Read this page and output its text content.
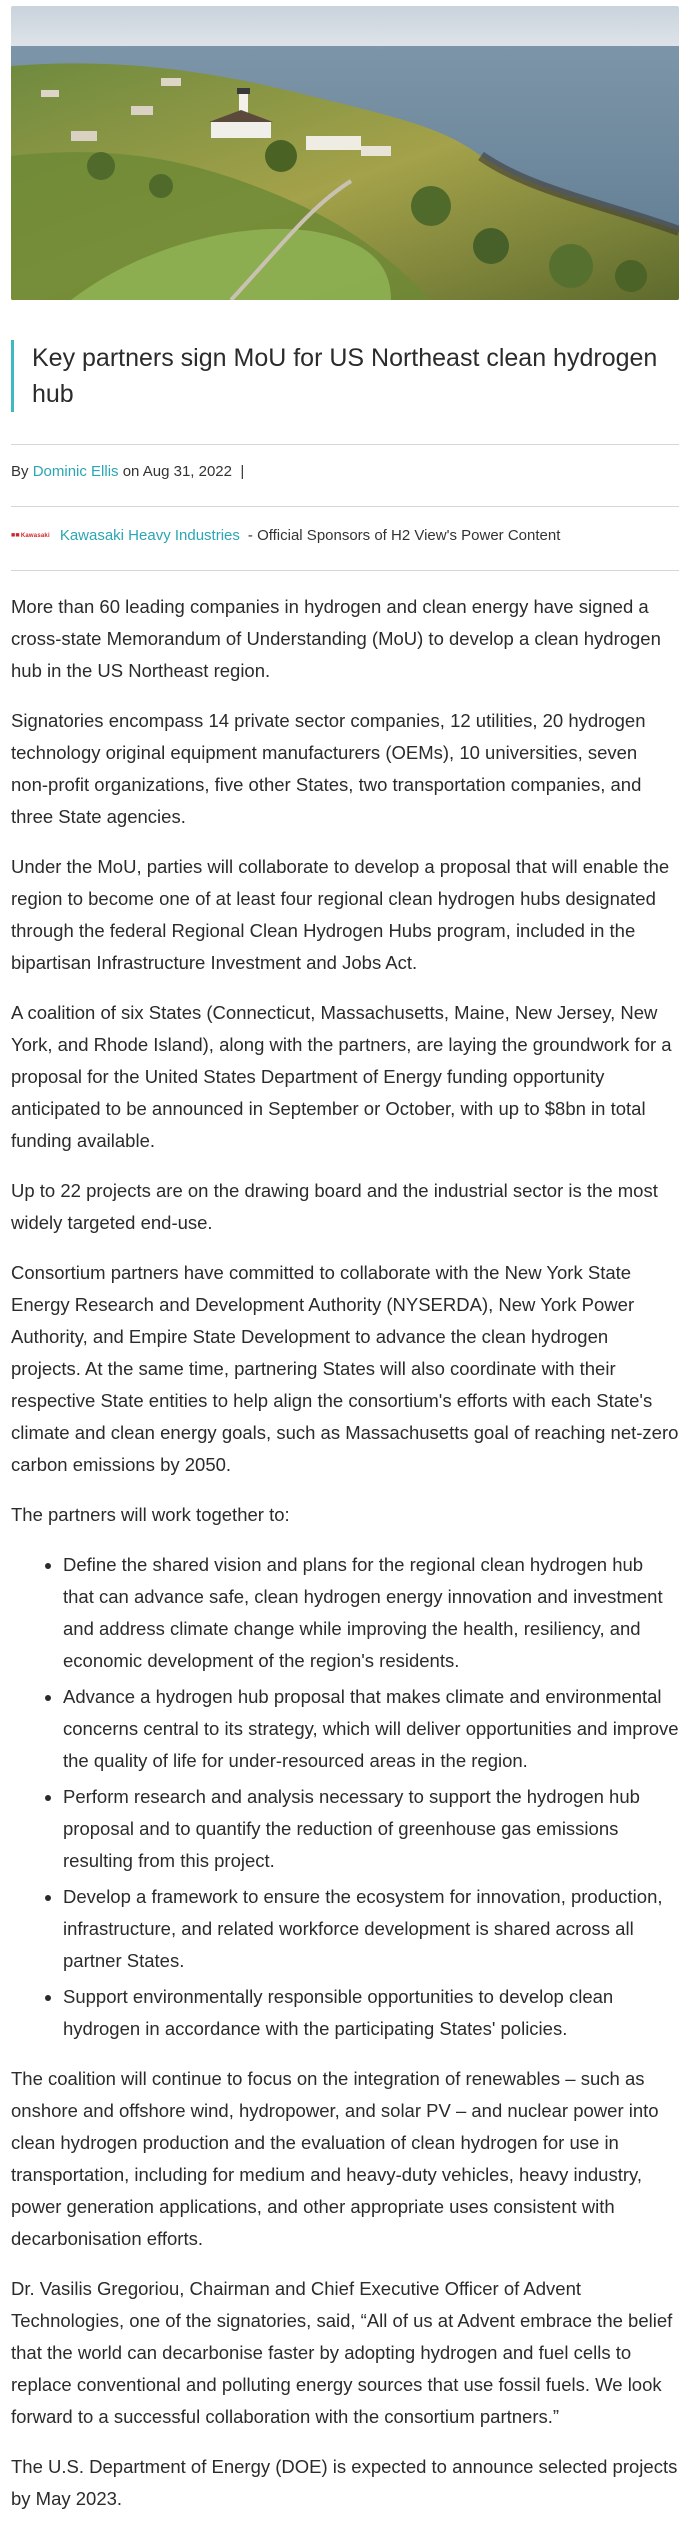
Key partners sign MoU for US Northeast clean hydrogen hub
By Dominic Ellis on Aug 31, 2022 |
■■ Kawasaki Kawasaki Heavy Industries - Official Sponsors of H2 View's Power Content

More than 60 leading companies in hydrogen and clean energy have signed a cross-state Memorandum of Understanding (MoU) to develop a clean hydrogen hub in the US Northeast region.

Signatories encompass 14 private sector companies, 12 utilities, 20 hydrogen technology original equipment manufacturers (OEMs), 10 universities, seven non-profit organizations, five other States, two transportation companies, and three State agencies.

Under the MoU, parties will collaborate to develop a proposal that will enable the region to become one of at least four regional clean hydrogen hubs designated through the federal Regional Clean Hydrogen Hubs program, included in the bipartisan Infrastructure Investment and Jobs Act.

A coalition of six States (Connecticut, Massachusetts, Maine, New Jersey, New York, and Rhode Island), along with the partners, are laying the groundwork for a proposal for the United States Department of Energy funding opportunity anticipated to be announced in September or October, with up to $8bn in total funding available.

Up to 22 projects are on the drawing board and the industrial sector is the most widely targeted end-use.

Consortium partners have committed to collaborate with the New York State Energy Research and Development Authority (NYSERDA), New York Power Authority, and Empire State Development to advance the clean hydrogen projects. At the same time, partnering States will also coordinate with their respective State entities to help align the consortium's efforts with each State's climate and clean energy goals, such as Massachusetts goal of reaching net-zero carbon emissions by 2050.

The partners will work together to:

• Define the shared vision and plans for the regional clean hydrogen hub that can advance safe, clean hydrogen energy innovation and investment and address climate change while improving the health, resiliency, and economic development of the region's residents.
• Advance a hydrogen hub proposal that makes climate and environmental concerns central to its strategy, which will deliver opportunities and improve the quality of life for under-resourced areas in the region.
• Perform research and analysis necessary to support the hydrogen hub proposal and to quantify the reduction of greenhouse gas emissions resulting from this project.
• Develop a framework to ensure the ecosystem for innovation, production, infrastructure, and related workforce development is shared across all partner States.
• Support environmentally responsible opportunities to develop clean hydrogen in accordance with the participating States' policies.

The coalition will continue to focus on the integration of renewables – such as onshore and offshore wind, hydropower, and solar PV – and nuclear power into clean hydrogen production and the evaluation of clean hydrogen for use in transportation, including for medium and heavy-duty vehicles, heavy industry, power generation applications, and other appropriate uses consistent with decarbonisation efforts.

Dr. Vasilis Gregoriou, Chairman and Chief Executive Officer of Advent Technologies, one of the signatories, said, “All of us at Advent embrace the belief that the world can decarbonise faster by adopting hydrogen and fuel cells to replace conventional and polluting energy sources that use fossil fuels. We look forward to a successful collaboration with the consortium partners.”

The U.S. Department of Energy (DOE) is expected to announce selected projects by May 2023.
